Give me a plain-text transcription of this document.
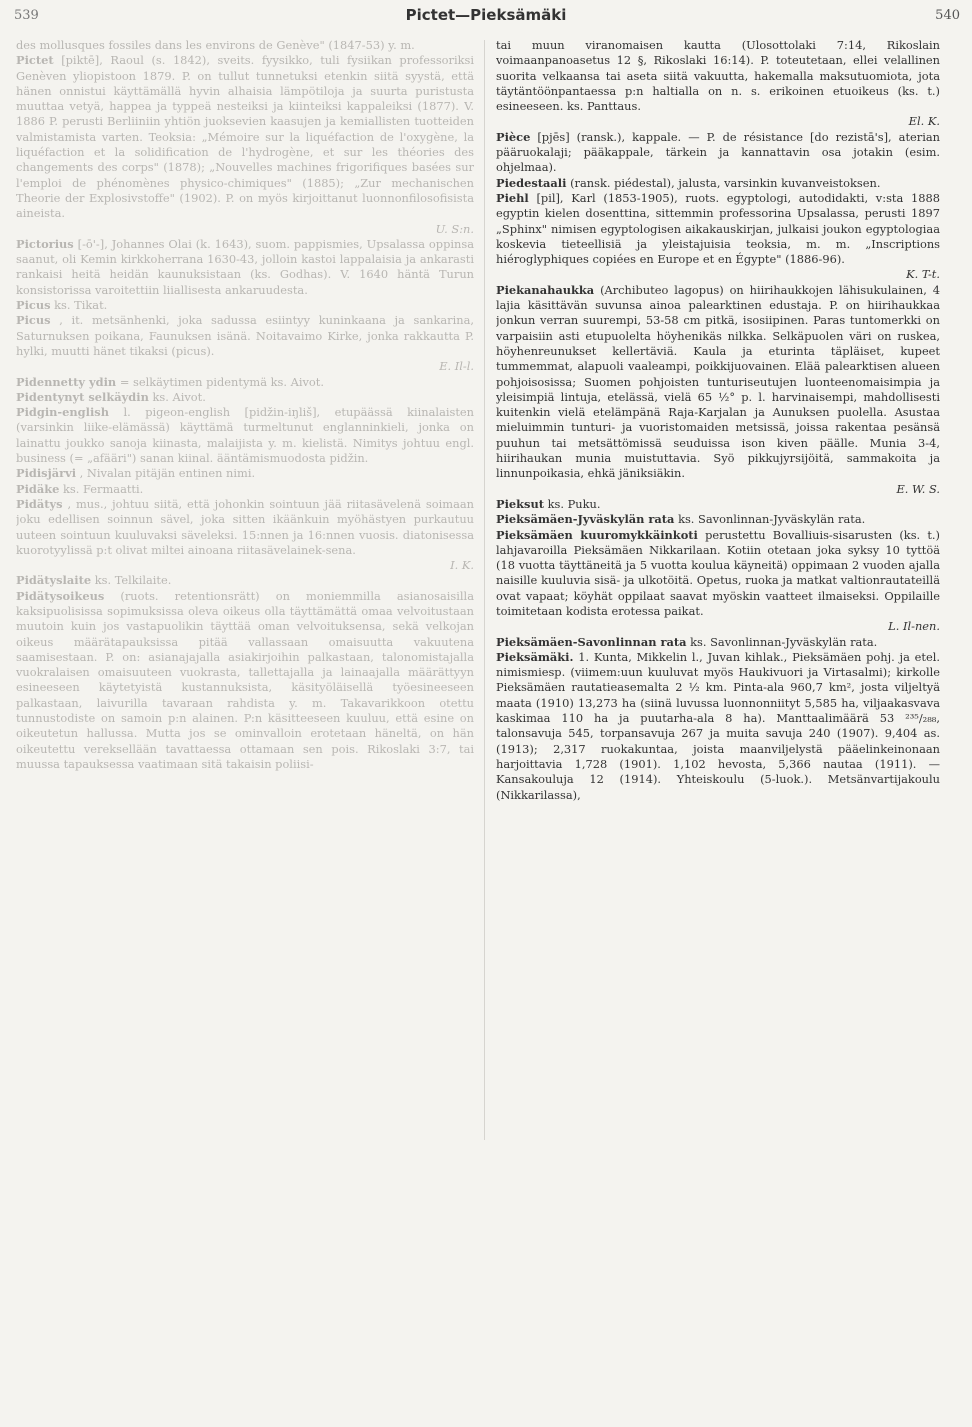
539	Pictet—Pieksämäki	540
des mollusques fossiles dans les environs de Genève" (1847-53) y. m.
Pictet [piktē], Raoul (s. 1842), sveits. fyysikko, tuli fysiikan professoriksi Genèven yliopistoon 1879. P. on tullut tunnetuksi etenkin siitä syystä, että hänen onnistui käyttämällä hyvin alhaisia lämpötiloja ja suurta puristusta muuttaa vetyä, happea ja typpeä nesteiksi ja kiinteiksi kappaleiksi (1877). V. 1886 P. perusti Berliiniin yhtiön juoksevien kaasujen ja kemiallisten tuotteiden valmistamista varten. Teoksia: „Mémoire sur la liquéfaction de l'oxygène, la liquéfaction et la solidification de l'hydrogène, et sur les théories des changements des corps" (1878); „Nouvelles machines frigorifiques basées sur l'emploi de phénomènes physico-chimiques" (1885); „Zur mechanischen Theorie der Explosivstoffe" (1902). P. on myös kirjoittanut luonnonfilosofisista aineista.
U. S:n.
Pictorius [-ō'-], Johannes Olai (k. 1643), suom. pappismies, Upsalassa oppinsa saanut, oli Kemin kirkkoherrana 1630-43, jolloin kastoi lappalaisia ja ankarasti rankaisi heitä heidän kaunuksistaan (ks. Godhas). V. 1640 häntä Turun konsistorissa varoitettiin liiallisesta ankaruudesta.
Picus ks. Tikat.
Picus , it. metsänhenki, joka sadussa esiintyy kuninkaana ja sankarina, Saturnuksen poikana, Faunuksen isänä. Noitavaimo Kirke, jonka rakkautta P. hylki, muutti hänet tikaksi (picus).
E. Il-l.
Pidennetty ydin = selkäytimen pidentymä ks. Aivot.
Pidentynyt selkäydin ks. Aivot.
Pidgin-english l. pigeon-english [pidžin-iŋliš], etupäässä kiinalaisten (varsinkin liike-elämässä) käyttämä turmeltunut englanninkieli, jonka on lainattu joukko sanoja kiinasta, malaijista y. m. kielistä. Nimitys johtuu engl. business (= „afääri") sanan kiinal. ääntämismuodosta pidžin.
Pidisjärvi , Nivalan pitäjän entinen nimi.
Pidäke ks. Fermaatti.
Pidätys , mus., johtuu siitä, että johonkin sointuun jää riitasävelenä soimaan joku edellisen soinnun sävel, joka sitten ikäänkuin myöhästyen purkautuu uuteen sointuun kuuluvaksi säveleksi. 15:nnen ja 16:nnen vuosis. diatonisessa kuorotyylissä p:t olivat miltei ainoana riitasävelainek-sena.
I. K.
Pidätyslaite ks. Telkilaite.
Pidätysoikeus (ruots. retentionsrätt) on moniemmilla asianosaisilla kaksipuolisissa sopimuksissa oleva oikeus olla täyttämättä omaa velvoitustaan muutoin kuin jos vastapuolikin täyttää oman velvoituksensa, sekä velkojan oikeus määrätapauksissa pitää vallassaan omaisuutta vakuutena saamisestaan. P. on: asianajajalla asiakirjoihin palkastaan, talonomistajalla vuokralaisen omaisuuteen vuokrasta, tallettajalla ja lainaajalla määrättyyn esineeseen käytetyistä kustannuksista, käsityöläisellä työesineeseen palkastaan, laivurilla tavaraan rahdista y. m. Takavarikkoon otettu tunnustodiste on samoin p:n alainen. P:n käsitteeseen kuuluu, että esine on oikeutetun hallussa. Mutta jos se ominvalloin erotetaan häneltä, on hän oikeutettu vereksellään tavattaessa ottamaan sen pois. Rikoslaki 3:7, tai muussa tapauksessa vaatimaan sitä takaisin poliisi-
tai muun viranomaisen kautta (Ulosottolaki 7:14, Rikoslain voimaanpanoasetus 12 §, Rikoslaki 16:14). P. toteutetaan, ellei velallinen suorita velkaansa tai aseta siitä vakuutta, hakemalla maksutuomiota, jota täytäntöönpantaessa p:n haltialla on n. s. erikoinen etuoikeus (ks. t.) esineeseen. ks. Panttaus.
El. K.
Pièce [pjēs] (ransk.), kappale. — P. de résistance [do rezistā's], aterian pääruokalaji; pääkappale, tärkein ja kannattavin osa jotakin (esim. ohjelmaa).
Piedestaali (ransk. piédestal), jalusta, varsinkin kuvanveistoksen.
Piehl [pil], Karl (1853-1905), ruots. egyptologi, autodidakti, v:sta 1888 egyptin kielen dosenttina, sittemmin professorina Upsalassa, perusti 1897 „Sphinx" nimisen egyptologisen aikakauskirjan, julkaisi joukon egyptologiaa koskevia tieteellisiä ja yleistajuisia teoksia, m. m. „Inscriptions hiéroglyphiques copiées en Europe et en Égypte" (1886-96).
K. T-t.
Piekanahaukka (Archibuteo lagopus) on hiirihaukkojen lähisukulainen, 4 lajia käsittävän suvunsa ainoa palearktinen edustaja. P. on hiirihaukkaa jonkun verran suurempi, 53-58 cm pitkä, isosiipinen. Paras tuntomerkki on varpaisiin asti etupuolelta höyhenikäs nilkka. Selkäpuolen väri on ruskea, höyhenreunukset kellertäviä. Kaula ja eturinta täpläiset, kupeet tummemmat, alapuoli vaaleampi, poikkijuovainen. Elää palearktisen alueen pohjoisosissa; Suomen pohjoisten tunturiseutujen luonteenomaisimpia ja yleisimpiä lintuja, etelässä, vielä 65 ½° p. l. harvinaisempi, mahdollisesti kuitenkin vielä etelämpänä Raja-Karjalan ja Aunuksen puolella. Asustaa mieluimmin tunturi- ja vuoristomaiden metsissä, joissa rakentaa pesänsä puuhun tai metsättömissä seuduissa ison kiven päälle. Munia 3-4, hiirihaukan munia muistuttavia. Syö pikkujyrsijöitä, sammakoita ja linnunpoikasia, ehkä jäniksiäkin.
E. W. S.
Pieksut ks. Puku.
Pieksämäen-Jyväskylän rata ks. Savonlinnan-Jyväskylän rata.
Pieksämäen kuuromykkäinkoti perustettu Bovalliuis-sisarusten (ks. t.) lahjavaroilla Pieksämäen Nikkarilaan. Kotiin otetaan joka syksy 10 tyttöä (18 vuotta täyttäneitä ja 5 vuotta koulua käyneitä) oppimaan 2 vuoden ajalla naisille kuuluvia sisä- ja ulkotöitä. Opetus, ruoka ja matkat valtionrautateillä ovat vapaat; köyhät oppilaat saavat myöskin vaatteet ilmaiseksi. Oppilaille toimitetaan kodista erotessa paikat.
L. Il-nen.
Pieksämäen-Savonlinnan rata ks. Savonlinnan-Jyväskylän rata.
Pieksämäki. 1. Kunta, Mikkelin l., Juvan kihlak., Pieksämäen pohj. ja etel. nimismiesp. (viimem:uun kuuluvat myös Haukivuori ja Virtasalmi); kirkolle Pieksämäen rautatieasemalta 2 ½ km. Pinta-ala 960,7 km², josta viljeltyä maata (1910) 13,273 ha (siinä luvussa luonnonniityt 5,585 ha, viljaakasvava kaskimaa 110 ha ja puutarha-ala 8 ha). Manttaalimäärä 53 ²³⁵/₂₈₈, talonsavuja 545, torpansavuja 267 ja muita savuja 240 (1907). 9,404 as. (1913); 2,317 ruokakuntaa, joista maanviljelystä pääelinkeinonaan harjoittavia 1,728 (1901). 1,102 hevosta, 5,366 nautaa (1911). — Kansakouluja 12 (1914). Yhteiskoulu (5-luok.). Metsänvartijakoulu (Nikkarilassa),
